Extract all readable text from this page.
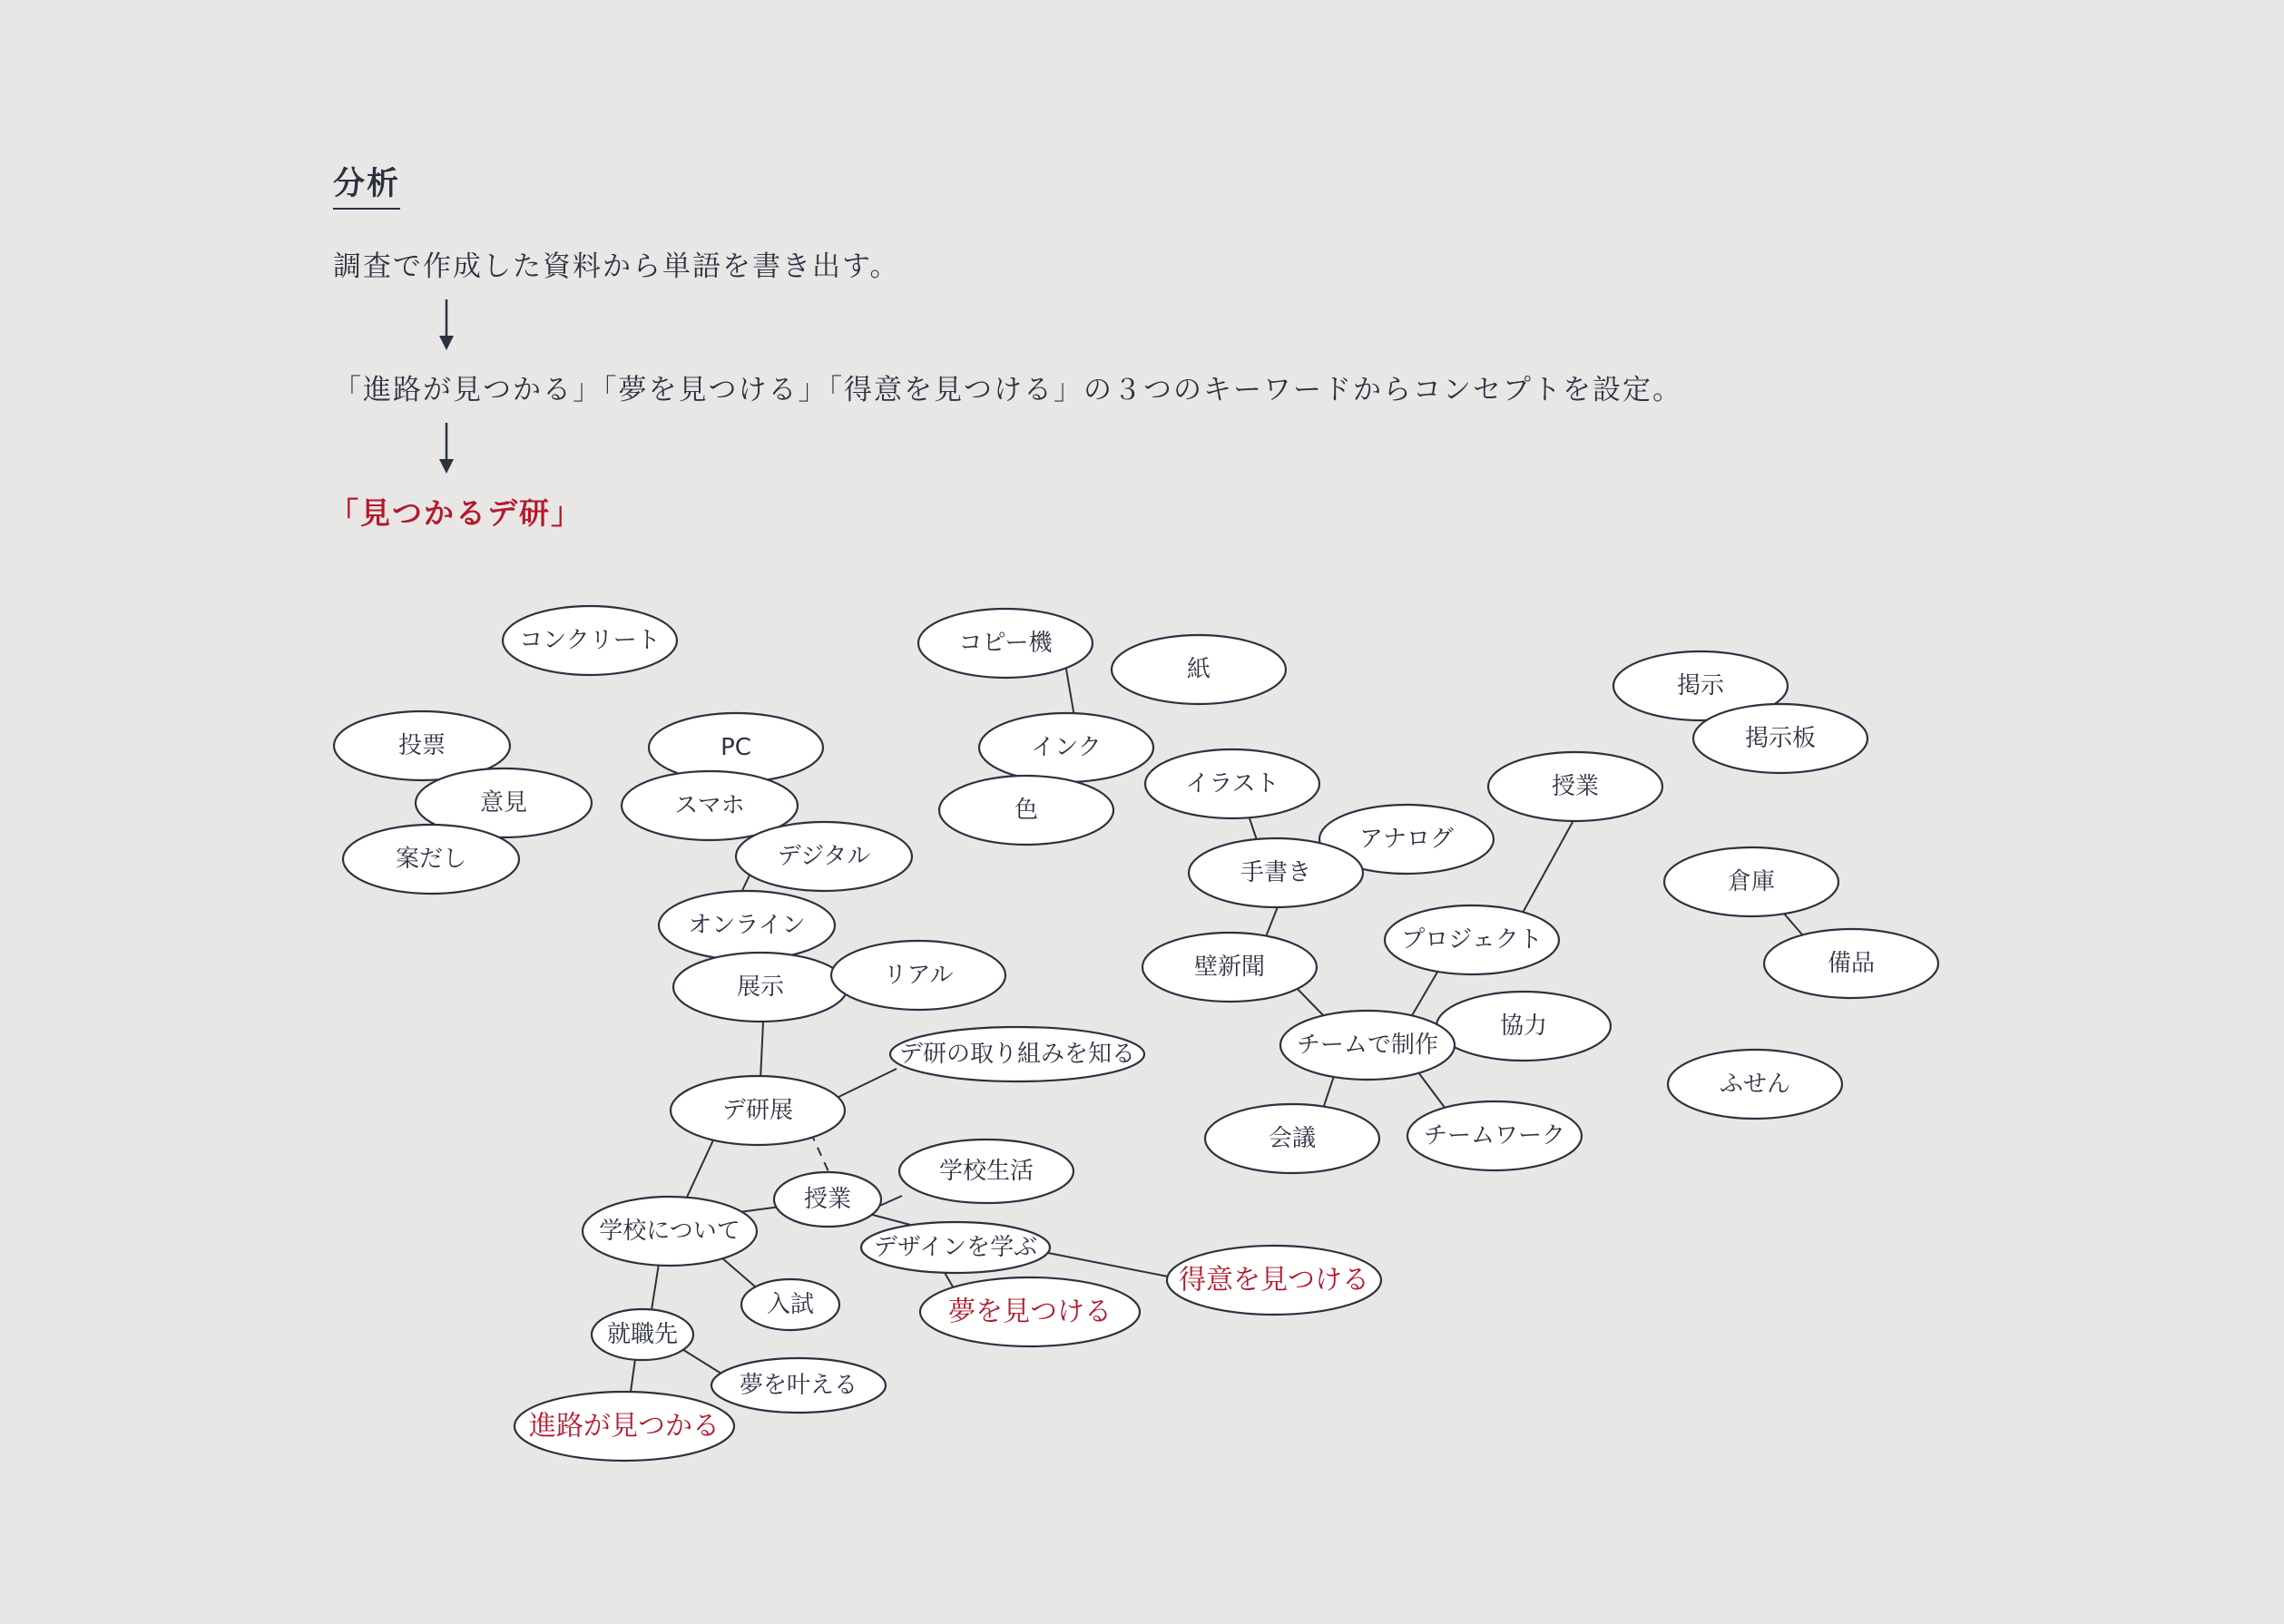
コンクリート
投票
意見
案だし
PC
スマホ
デジタル
オンライン
展示	リアル
デ研の取り組みを知る
デ研展
学校生活
授業
学校について
デザインを学ぶ
得意を見つける
入試	夢を見つける
就職先
夢を叶える
進路が見つかる
コピー機
紙
インク
色
イラスト
アナログ
手書き
壁新聞
授業
プロジェクト
協力
チームで制作
会議	チームワーク
掲示
掲示板
倉庫
備品
ふせん
分析
調査で作成した資料から単語を書き出す。
「進路が見つかる」「夢を見つける」「得意を見つける」の３つのキーワードからコンセプトを設定。
「見つかるデ研」
